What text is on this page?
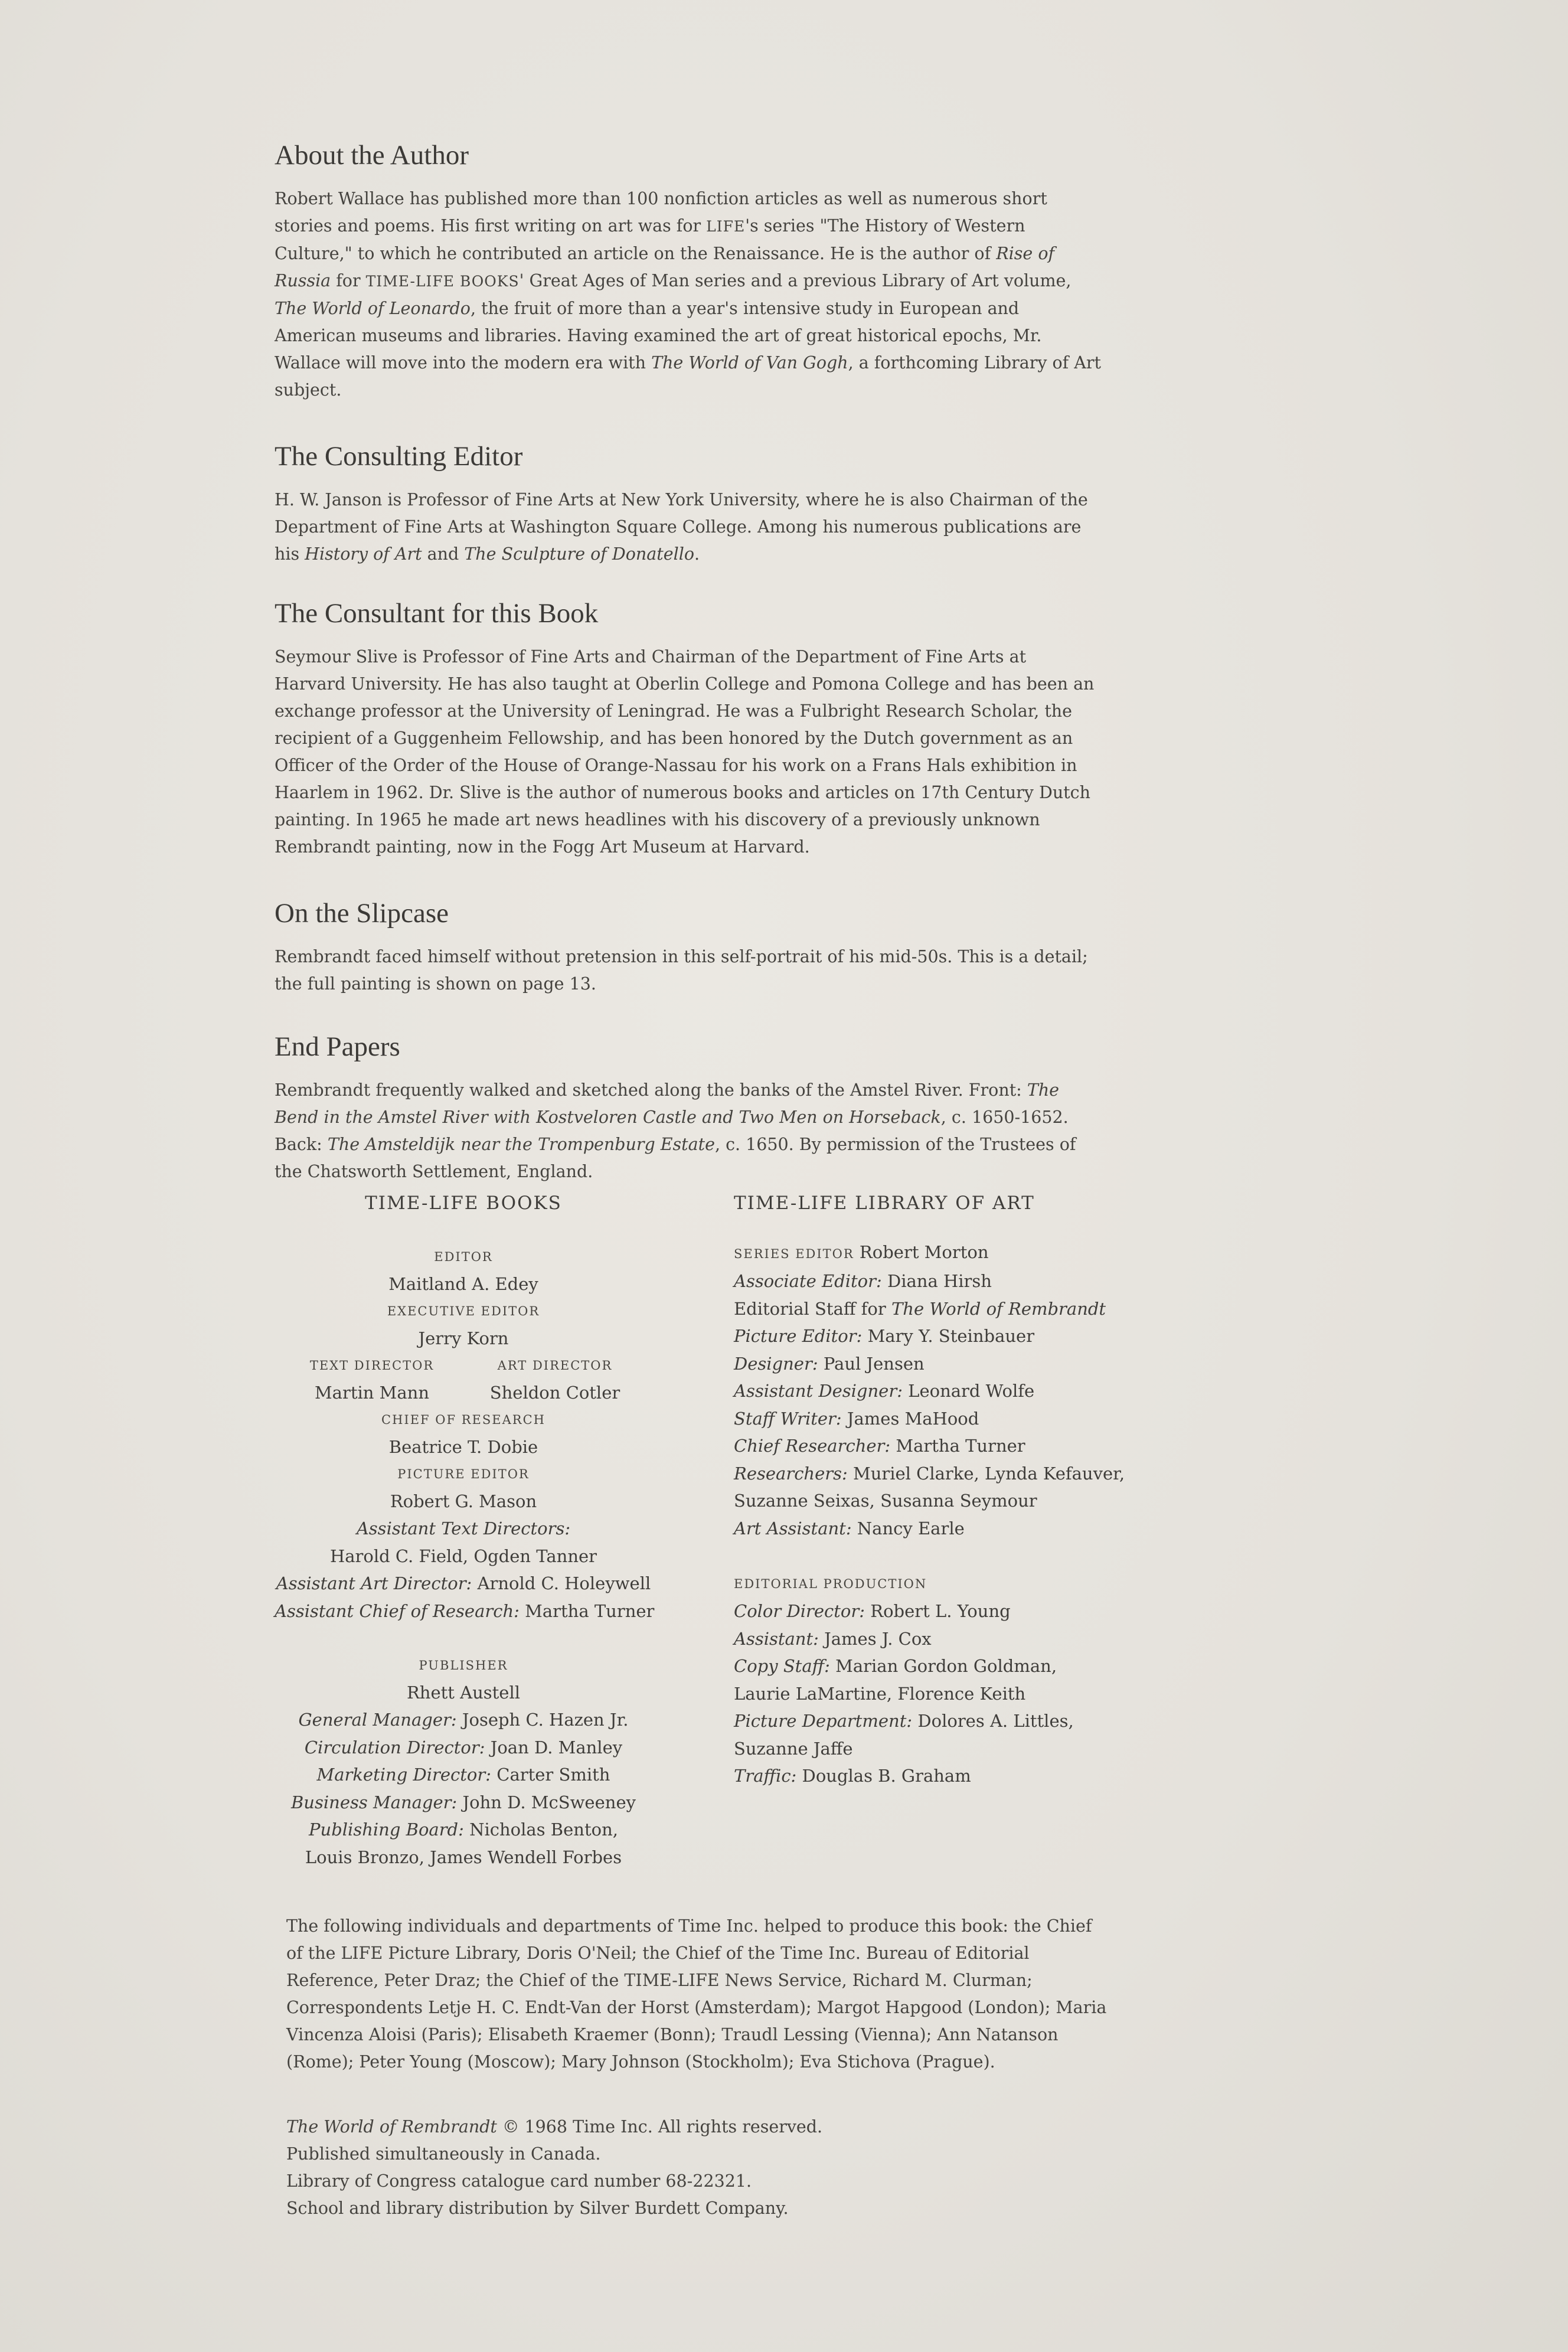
About the Author

Robert Wallace has published more than 100 nonfiction articles as well as numerous short stories and poems. His first writing on art was for LIFE's series "The History of Western Culture," to which he contributed an article on the Renaissance. He is the author of Rise of Russia for TIME-LIFE BOOKS' Great Ages of Man series and a previous Library of Art volume, The World of Leonardo, the fruit of more than a year's intensive study in European and American museums and libraries. Having examined the art of great historical epochs, Mr. Wallace will move into the modern era with The World of Van Gogh, a forthcoming Library of Art subject.

The Consulting Editor

H. W. Janson is Professor of Fine Arts at New York University, where he is also Chairman of the Department of Fine Arts at Washington Square College. Among his numerous publications are his History of Art and The Sculpture of Donatello.

The Consultant for this Book

Seymour Slive is Professor of Fine Arts and Chairman of the Department of Fine Arts at Harvard University. He has also taught at Oberlin College and Pomona College and has been an exchange professor at the University of Leningrad. He was a Fulbright Research Scholar, the recipient of a Guggenheim Fellowship, and has been honored by the Dutch government as an Officer of the Order of the House of Orange-Nassau for his work on a Frans Hals exhibition in Haarlem in 1962. Dr. Slive is the author of numerous books and articles on 17th Century Dutch painting. In 1965 he made art news headlines with his discovery of a previously unknown Rembrandt painting, now in the Fogg Art Museum at Harvard.

On the Slipcase

Rembrandt faced himself without pretension in this self-portrait of his mid-50s. This is a detail; the full painting is shown on page 13.

End Papers

Rembrandt frequently walked and sketched along the banks of the Amstel River. Front: The Bend in the Amstel River with Kostveloren Castle and Two Men on Horseback, c. 1650-1652. Back: The Amsteldijk near the Trompenburg Estate, c. 1650. By permission of the Trustees of the Chatsworth Settlement, England.

TIME-LIFE BOOKS
EDITOR
Maitland A. Edey
EXECUTIVE EDITOR
Jerry Korn
TEXT DIRECTOR
Martin Mann
ART DIRECTOR
Sheldon Cotler
CHIEF OF RESEARCH
Beatrice T. Dobie
PICTURE EDITOR
Robert G. Mason
Assistant Text Directors:
Harold C. Field, Ogden Tanner
Assistant Art Director: Arnold C. Holeywell
Assistant Chief of Research: Martha Turner
PUBLISHER
Rhett Austell
General Manager: Joseph C. Hazen Jr.
Circulation Director: Joan D. Manley
Marketing Director: Carter Smith
Business Manager: John D. McSweeney
Publishing Board: Nicholas Benton,
Louis Bronzo, James Wendell Forbes
TIME-LIFE LIBRARY OF ART
SERIES EDITOR Robert Morton
Associate Editor: Diana Hirsh
Editorial Staff for The World of Rembrandt
Picture Editor: Mary Y. Steinbauer
Designer: Paul Jensen
Assistant Designer: Leonard Wolfe
Staff Writer: James MaHood
Chief Researcher: Martha Turner
Researchers: Muriel Clarke, Lynda Kefauver,
Suzanne Seixas, Susanna Seymour
Art Assistant: Nancy Earle
EDITORIAL PRODUCTION
Color Director: Robert L. Young
Assistant: James J. Cox
Copy Staff: Marian Gordon Goldman,
Laurie LaMartine, Florence Keith
Picture Department: Dolores A. Littles,
Suzanne Jaffe
Traffic: Douglas B. Graham

The following individuals and departments of Time Inc. helped to produce this book: the Chief of the LIFE Picture Library, Doris O'Neil; the Chief of the Time Inc. Bureau of Editorial Reference, Peter Draz; the Chief of the TIME-LIFE News Service, Richard M. Clurman; Correspondents Letje H. C. Endt-Van der Horst (Amsterdam); Margot Hapgood (London); Maria Vincenza Aloisi (Paris); Elisabeth Kraemer (Bonn); Traudl Lessing (Vienna); Ann Natanson (Rome); Peter Young (Moscow); Mary Johnson (Stockholm); Eva Stichova (Prague).

The World of Rembrandt © 1968 Time Inc. All rights reserved.

Published simultaneously in Canada.

Library of Congress catalogue card number 68-22321.

School and library distribution by Silver Burdett Company.
